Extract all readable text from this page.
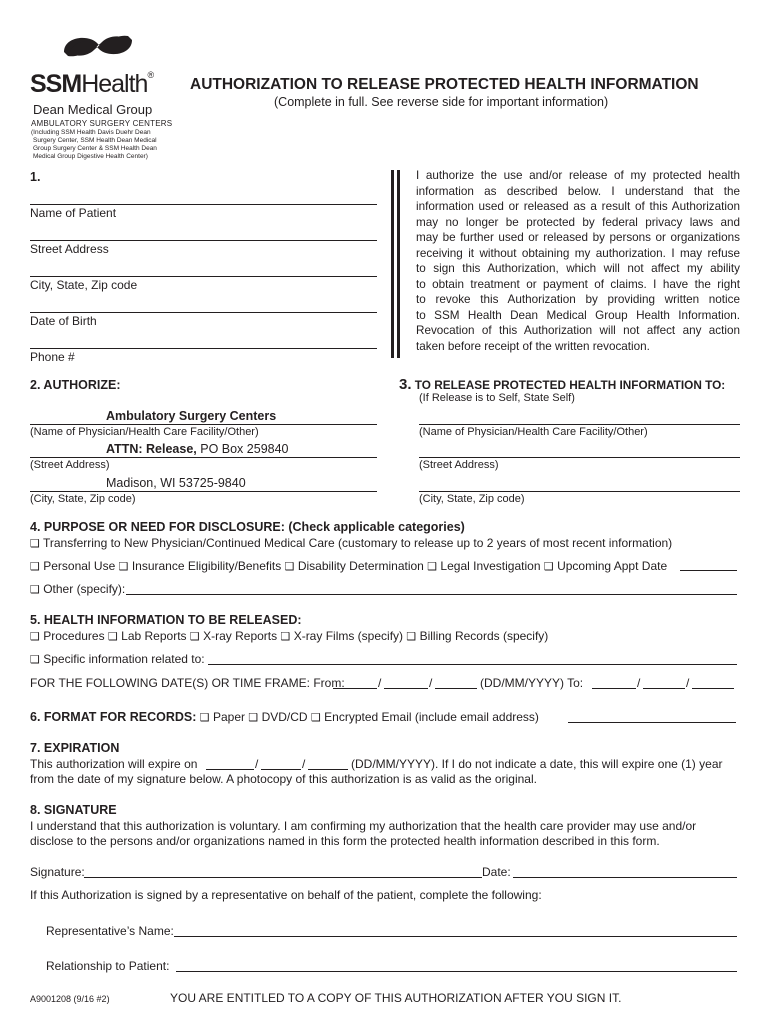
SSMHealth®
Dean Medical Group
AMBULATORY SURGERY CENTERS
(Including SSM Health Davis Duehr Dean
Surgery Center, SSM Health Dean Medical
Group Surgery Center & SSM Health Dean
Medical Group Digestive Health Center)
AUTHORIZATION TO RELEASE PROTECTED HEALTH INFORMATION
(Complete in full. See reverse side for important information)
1.
Name of Patient
Street Address
City, State, Zip code
Date of Birth
Phone #
I authorize the use and/or release of my protected health
information as described below. I understand that the
information used or released as a result of this Authorization
may no longer be protected by federal privacy laws and
may be further used or released by persons or organizations
receiving it without obtaining my authorization. I may refuse
to sign this Authorization, which will not affect my ability
to obtain treatment or payment of claims. I have the right
to revoke this Authorization by providing written notice
to SSM Health Dean Medical Group Health Information.
Revocation of this Authorization will not affect any action
taken before receipt of the written revocation.
2. AUTHORIZE:
Ambulatory Surgery Centers
(Name of Physician/Health Care Facility/Other)
ATTN: Release, PO Box 259840
(Street Address)
Madison, WI 53725-9840
(City, State, Zip code)
3. TO RELEASE PROTECTED HEALTH INFORMATION TO:
(If Release is to Self, State Self)
(Name of Physician/Health Care Facility/Other)
(Street Address)
(City, State, Zip code)
4. PURPOSE OR NEED FOR DISCLOSURE: (Check applicable categories)
❑ Transferring to New Physician/Continued Medical Care (customary to release up to 2 years of most recent information)
❑ Personal Use ❑ Insurance Eligibility/Benefits ❑ Disability Determination ❑ Legal Investigation ❑ Upcoming Appt Date
❑ Other (specify):
5. HEALTH INFORMATION TO BE RELEASED:
❑ Procedures ❑ Lab Reports ❑ X-ray Reports ❑ X-ray Films (specify) ❑ Billing Records (specify)
❑ Specific information related to:
FOR THE FOLLOWING DATE(S) OR TIME FRAME: From:	/	/	(DD/MM/YYYY) To:	/	/
6. FORMAT FOR RECORDS: ❑ Paper ❑ DVD/CD ❑ Encrypted Email (include email address)
7. EXPIRATION
This authorization will expire on	/	/	(DD/MM/YYYY). If I do not indicate a date, this will expire one (1) year
from the date of my signature below. A photocopy of this authorization is as valid as the original.
8. SIGNATURE
I understand that this authorization is voluntary. I am confirming my authorization that the health care provider may use and/or
disclose to the persons and/or organizations named in this form the protected health information described in this form.
Signature:	Date:
If this Authorization is signed by a representative on behalf of the patient, complete the following:
Representative’s Name:
Relationship to Patient:
A9001208 (9/16 #2)	YOU ARE ENTITLED TO A COPY OF THIS AUTHORIZATION AFTER YOU SIGN IT.
